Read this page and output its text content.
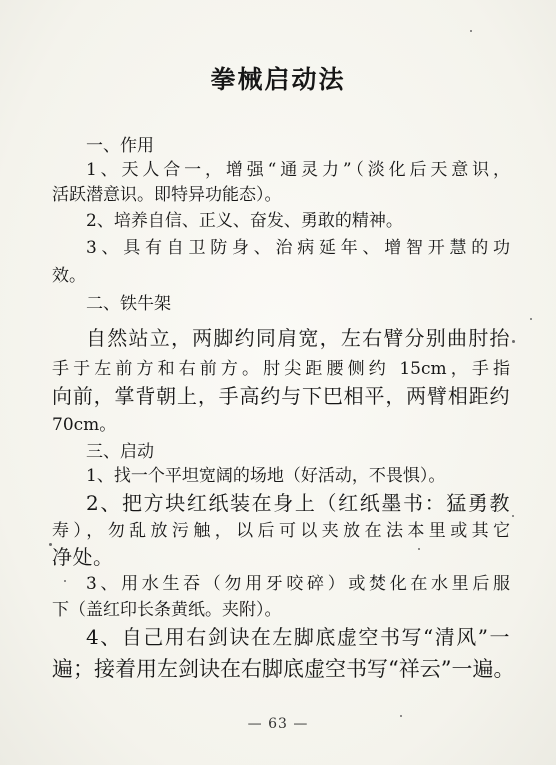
拳械启动法
一、作用
1、天人合一，增强“通灵力”（淡化后天意识，
活跃潜意识。即特异功能态）。
2、培养自信、正义、奋发、勇敢的精神。
3、具有自卫防身、治病延年、增智开慧的功
效。
二、铁牛架
自然站立，两脚约同肩宽，左右臂分别曲肘抬
手于左前方和右前方。肘尖距腰侧约 15cm，手指
向前，掌背朝上，手高约与下巴相平，两臂相距约
70cm。
三、启动
1、找一个平坦宽阔的场地（好活动，不畏惧）。
2、把方块红纸装在身上（红纸墨书：猛勇教
寿），勿乱放污触，以后可以夹放在法本里或其它
净处。
3、用水生吞（勿用牙咬碎）或焚化在水里后服
下（盖红印长条黄纸。夹附）。
4、自己用右剑诀在左脚底虚空书写“清风”一
遍；接着用左剑诀在右脚底虚空书写“祥云”一遍。
— 63 —
